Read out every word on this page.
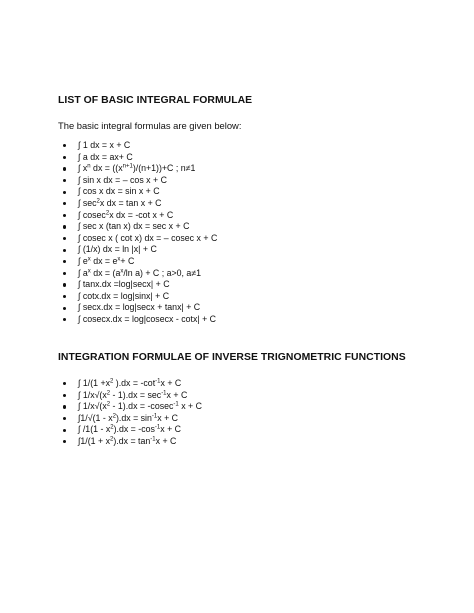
LIST OF BASIC INTEGRAL FORMULAE

The basic integral formulas are given below:

∫ 1 dx = x + C
∫ a dx = ax+ C
∫ $x^n$ dx = $((x^{n+1})/(n+1))+C$ ; n≠1
∫ sin x dx = – cos x + C
∫ cos x dx = sin x + C
∫ $\sec^2x$ dx = tan x + C
∫ cosec$^2$x dx = -cot x + C
∫ sec x (tan x) dx = sec x + C
∫ cosec x ( cot x) dx = – cosec x + C
∫ (1/x) dx = ln |x| + C
∫ $e^x$ dx = $e^x+ C$
∫ $a^x$ dx = ($a^x/\ln$ a) + C ; a>0, a≠1
∫ tanx.dx =log|secx| + C
∫ cotx.dx = log|sinx| + C
∫ secx.dx = log|secx + tanx| + C
∫ cosecx.dx = log|cosecx - cotx| + C
INTEGRATION FORMULAE OF INVERSE TRIGNOMETRIC FUNCTIONS
∫ $1/(1 +x^2$ )$.dx = -\cot^{-1}x + C$
∫ $1/x√(x^2 - 1).dx = \sec^{-1}x + C$
∫ $1/x√(x^2 - 1).dx = -cosec^{-1}$ x + C
$\int 1/√(1 - x^2).dx = \sin^{-1}x + C$
∫ $/1(1 - x^2).dx = -\cos^{-1}x + C$
$\int 1/(1 + x^2).dx = \tan^{-1}x + C$
